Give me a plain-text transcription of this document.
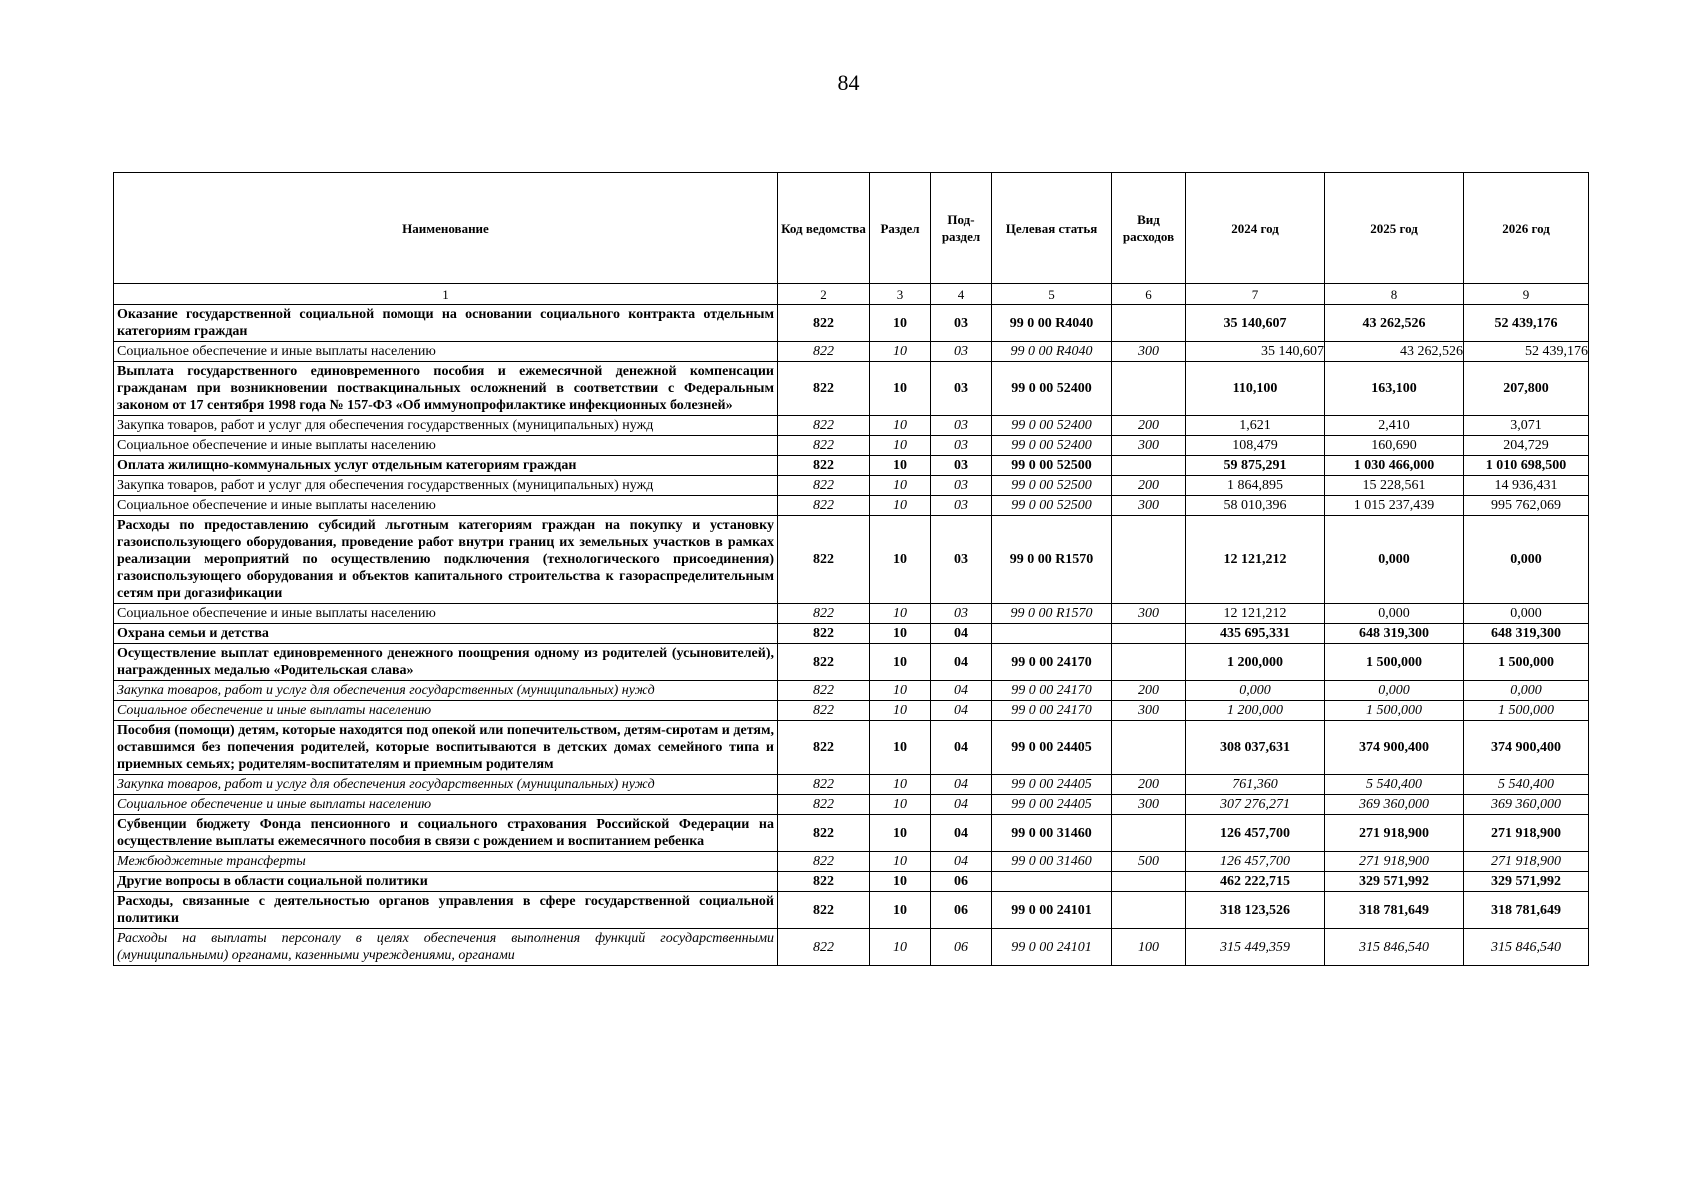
84
Наименование	Код ведомства	Раздел	Под-раздел	Целевая статья	Вид расходов	2024 год	2025 год	2026 год
1	2	3	4	5	6	7	8	9
Оказание государственной социальной помощи на основании социального контракта отдельным категориям граждан	822	10	03	99 0 00 R4040		35 140,607	43 262,526	52 439,176
Социальное обеспечение и иные выплаты населению	822	10	03	99 0 00 R4040	300	35 140,607	43 262,526	52 439,176
Выплата государственного единовременного пособия и ежемесячной денежной компенсации гражданам при возникновении поствакцинальных осложнений в соответствии с Федеральным законом от 17 сентября 1998 года № 157-ФЗ «Об иммунопрофилактике инфекционных болезней»	822	10	03	99 0 00 52400		110,100	163,100	207,800
Закупка товаров, работ и услуг для обеспечения государственных (муниципальных) нужд	822	10	03	99 0 00 52400	200	1,621	2,410	3,071
Социальное обеспечение и иные выплаты населению	822	10	03	99 0 00 52400	300	108,479	160,690	204,729
Оплата жилищно-коммунальных услуг отдельным категориям граждан	822	10	03	99 0 00 52500		59 875,291	1 030 466,000	1 010 698,500
Закупка товаров, работ и услуг для обеспечения государственных (муниципальных) нужд	822	10	03	99 0 00 52500	200	1 864,895	15 228,561	14 936,431
Социальное обеспечение и иные выплаты населению	822	10	03	99 0 00 52500	300	58 010,396	1 015 237,439	995 762,069
Расходы по предоставлению субсидий льготным категориям граждан на покупку и установку газоиспользующего оборудования, проведение работ внутри границ их земельных участков в рамках реализации мероприятий по осуществлению подключения (технологического присоединения) газоиспользующего оборудования и объектов капитального строительства к газораспределительным сетям при догазификации	822	10	03	99 0 00 R1570		12 121,212	0,000	0,000
Социальное обеспечение и иные выплаты населению	822	10	03	99 0 00 R1570	300	12 121,212	0,000	0,000
Охрана семьи и детства	822	10	04			435 695,331	648 319,300	648 319,300
Осуществление выплат единовременного денежного поощрения одному из родителей (усыновителей), награжденных медалью «Родительская слава»	822	10	04	99 0 00 24170		1 200,000	1 500,000	1 500,000
Закупка товаров, работ и услуг для обеспечения государственных (муниципальных) нужд	822	10	04	99 0 00 24170	200	0,000	0,000	0,000
Социальное обеспечение и иные выплаты населению	822	10	04	99 0 00 24170	300	1 200,000	1 500,000	1 500,000
Пособия (помощи) детям, которые находятся под опекой или попечительством, детям-сиротам и детям, оставшимся без попечения родителей, которые воспитываются в детских домах семейного типа и приемных семьях; родителям-воспитателям и приемным родителям	822	10	04	99 0 00 24405		308 037,631	374 900,400	374 900,400
Закупка товаров, работ и услуг для обеспечения государственных (муниципальных) нужд	822	10	04	99 0 00 24405	200	761,360	5 540,400	5 540,400
Социальное обеспечение и иные выплаты населению	822	10	04	99 0 00 24405	300	307 276,271	369 360,000	369 360,000
Субвенции бюджету Фонда пенсионного и социального страхования Российской Федерации на осуществление выплаты ежемесячного пособия в связи с рождением и воспитанием ребенка	822	10	04	99 0 00 31460		126 457,700	271 918,900	271 918,900
Межбюджетные трансферты	822	10	04	99 0 00 31460	500	126 457,700	271 918,900	271 918,900
Другие вопросы в области социальной политики	822	10	06			462 222,715	329 571,992	329 571,992
Расходы, связанные с деятельностью органов управления в сфере государственной социальной политики	822	10	06	99 0 00 24101		318 123,526	318 781,649	318 781,649
Расходы на выплаты персоналу в целях обеспечения выполнения функций государственными (муниципальными) органами, казенными учреждениями, органами	822	10	06	99 0 00 24101	100	315 449,359	315 846,540	315 846,540
